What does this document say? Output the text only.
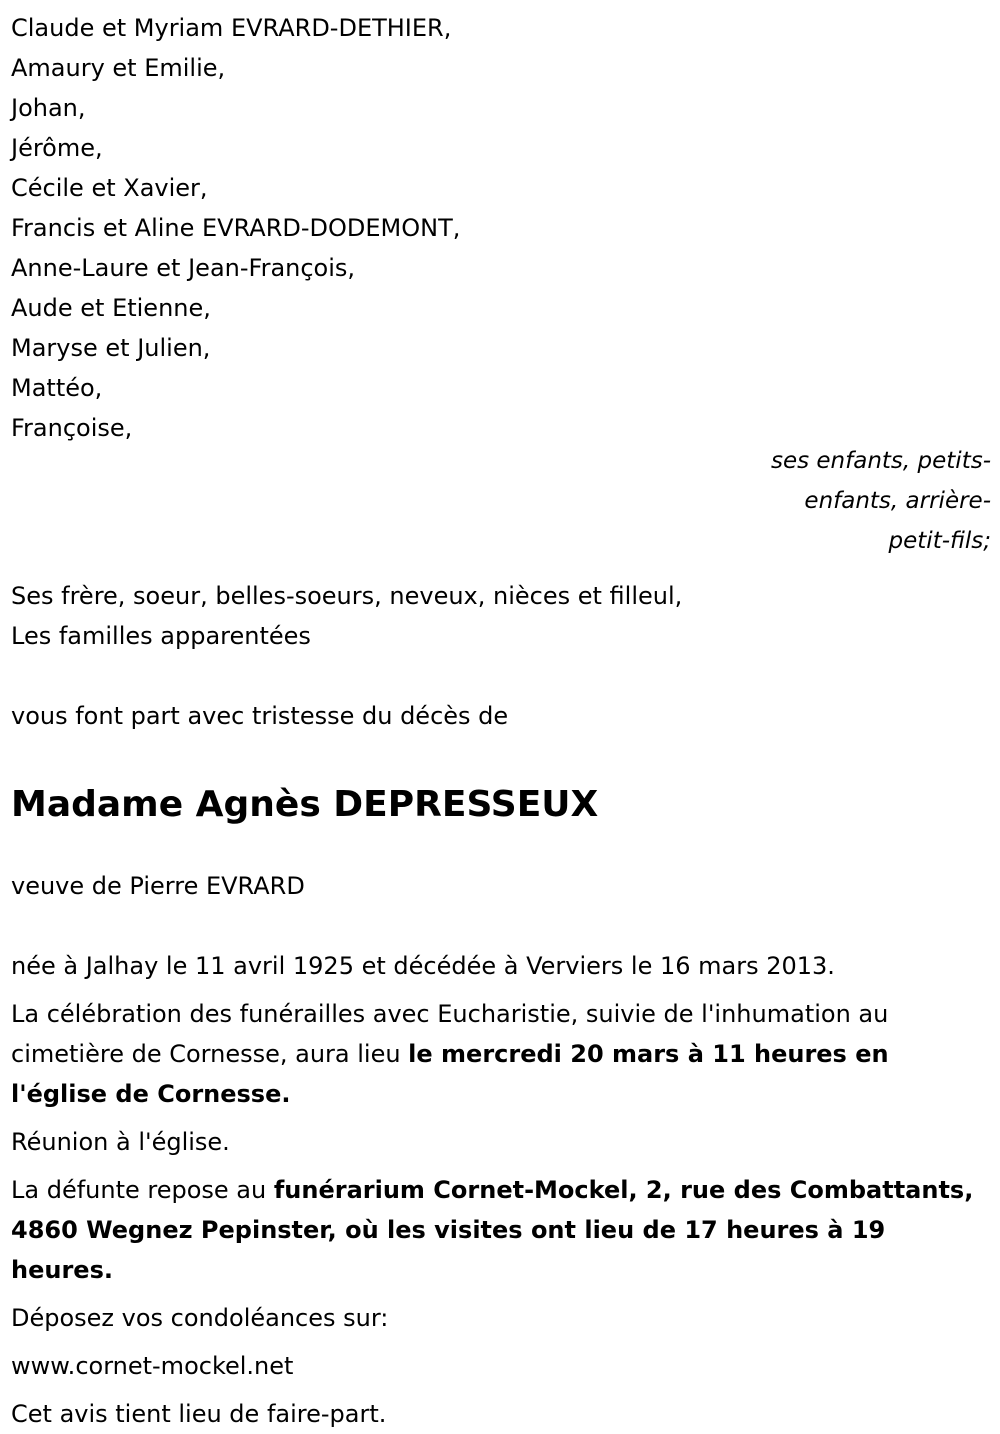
Claude et Myriam EVRARD-DETHIER,
Amaury et Emilie,
Johan,
Jérôme,
Cécile et Xavier,
Francis et Aline EVRARD-DODEMONT,
Anne-Laure et Jean-François,
Aude et Etienne,
Maryse et Julien,
Mattéo,
Françoise,
ses enfants, petits-
enfants, arrière-
petit-fils;
Ses frère, soeur, belles-soeurs, neveux, nièces et filleul,
Les familles apparentées
vous font part avec tristesse du décès de
Madame Agnès DEPRESSEUX
veuve de Pierre EVRARD
née à Jalhay le 11 avril 1925 et décédée à Verviers le 16 mars 2013.
La célébration des funérailles avec Eucharistie, suivie de l'inhumation au cimetière de Cornesse, aura lieu le mercredi 20 mars à 11 heures en l'église de Cornesse.
Réunion à l'église.
La défunte repose au funérarium Cornet-Mockel, 2, rue des Combattants, 4860 Wegnez Pepinster, où les visites ont lieu de 17 heures à 19 heures.
Déposez vos condoléances sur:
www.cornet-mockel.net
Cet avis tient lieu de faire-part.
